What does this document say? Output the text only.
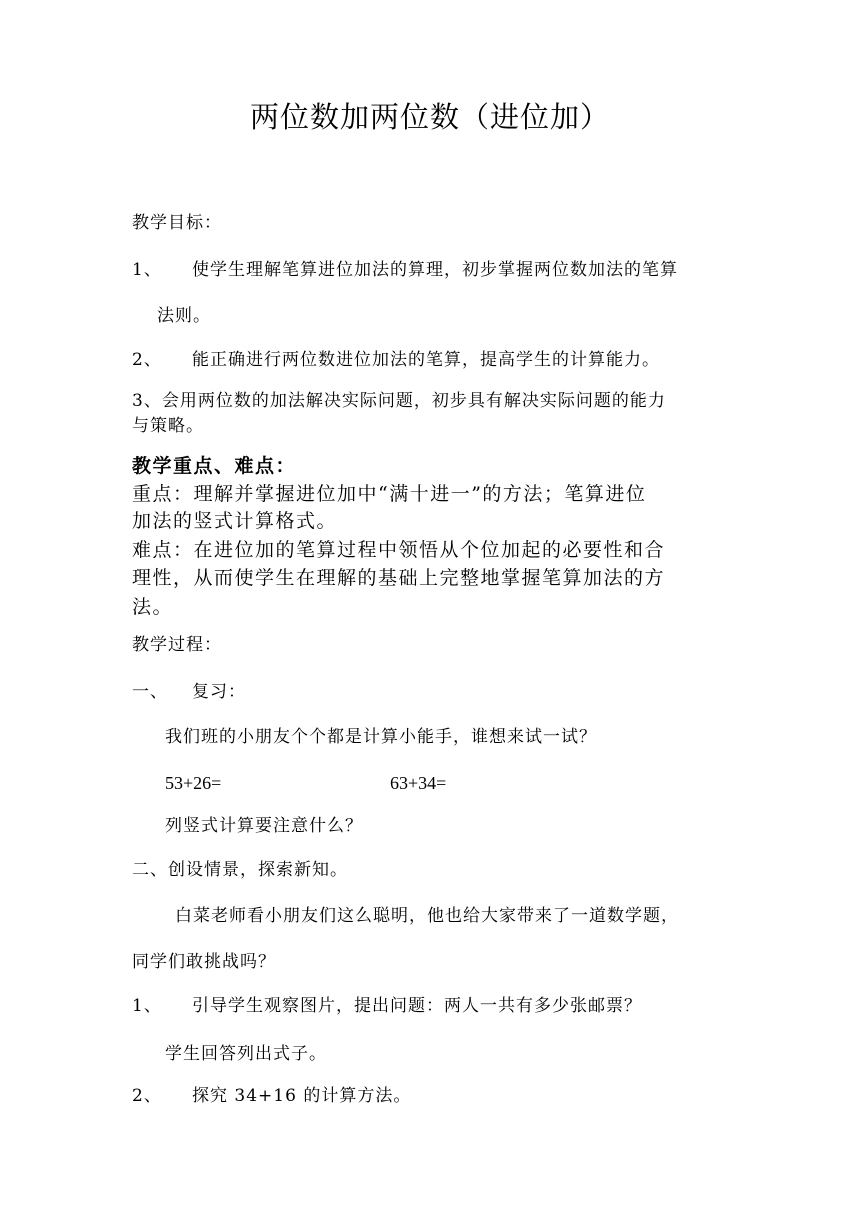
两位数加两位数（进位加）
教学目标：
1、 使学生理解笔算进位加法的算理，初步掌握两位数加法的笔算
法则。
2、 能正确进行两位数进位加法的笔算，提高学生的计算能力。
3、会用两位数的加法解决实际问题，初步具有解决实际问题的能力
与策略。
教学重点、难点：
重点：理解并掌握进位加中“满十进一”的方法；笔算进位
加法的竖式计算格式。
难点：在进位加的笔算过程中领悟从个位加起的必要性和合
理性，从而使学生在理解的基础上完整地掌握笔算加法的方
法。
教学过程：
一、 复习：
我们班的小朋友个个都是计算小能手，谁想来试一试？
53+26=	63+34=
列竖式计算要注意什么？
二、创设情景，探索新知。
白菜老师看小朋友们这么聪明，他也给大家带来了一道数学题，
同学们敢挑战吗？
1、 引导学生观察图片，提出问题：两人一共有多少张邮票？
学生回答列出式子。
2、 探究 34+16 的计算方法。
